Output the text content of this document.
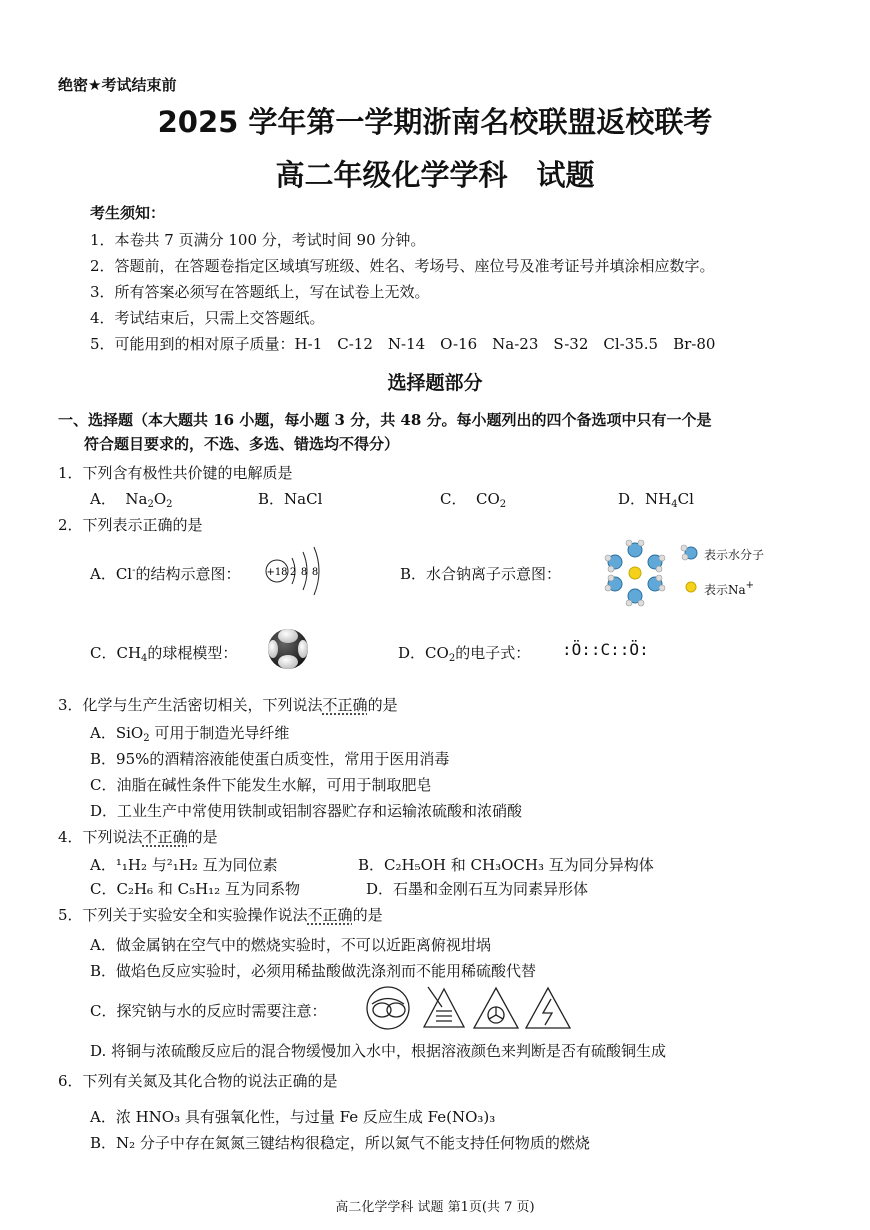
绝密★考试结束前
2025 学年第一学期浙南名校联盟返校联考
高二年级化学学科　试题
考生须知：
1．本卷共 7 页满分 100 分，考试时间 90 分钟。
2．答题前，在答题卷指定区域填写班级、姓名、考场号、座位号及准考证号并填涂相应数字。
3．所有答案必须写在答题纸上，写在试卷上无效。
4．考试结束后，只需上交答题纸。
5．可能用到的相对原子质量：H-1　C-12　N-14　O-16　Na-23　S-32　Cl-35.5　Br-80
选择题部分
一、选择题（本大题共 16 小题，每小题 3 分，共 48 分。每小题列出的四个备选项中只有一个是
符合题目要求的，不选、多选、错选均不得分）
1．下列含有极性共价键的电解质是
A．  $Na_2O_2$	B．NaCl	C．  $CO_2$	D．$NH_4Cl$
2．下列表示正确的是
A．Cl-的结构示意图：	+18 2 8 8	B．水合钠离子示意图：
表示水分子
表示Na+
C．$CH_4$的球棍模型：	D．$CO_2$的电子式： :Ö::C::Ö:
3．化学与生产生活密切相关，下列说法不正确的是
A．SiO$_2$ 可用于制造光导纤维
B．95%的酒精溶液能使蛋白质变性，常用于医用消毒
C．油脂在碱性条件下能发生水解，可用于制取肥皂
D．工业生产中常使用铁制或铝制容器贮存和运输浓硫酸和浓硝酸
4．下列说法不正确的是
A．¹₁H₂ 与²₁H₂ 互为同位素	B．C₂H₅OH 和 CH₃OCH₃ 互为同分异构体
C．C₂H₆ 和 C₅H₁₂ 互为同系物	D．石墨和金刚石互为同素异形体
5．下列关于实验安全和实验操作说法不正确的是
A．做金属钠在空气中的燃烧实验时，不可以近距离俯视坩埚
B．做焰色反应实验时，必须用稀盐酸做洗涤剂而不能用稀硫酸代替
C．探究钠与水的反应时需要注意：
D. 将铜与浓硫酸反应后的混合物缓慢加入水中，根据溶液颜色来判断是否有硫酸铜生成
6．下列有关氮及其化合物的说法正确的是
A．浓 HNO₃ 具有强氧化性，与过量 Fe 反应生成 Fe(NO₃)₃
B．N₂ 分子中存在氮氮三键结构很稳定，所以氮气不能支持任何物质的燃烧
高二化学学科 试题 第1页(共 7 页)
